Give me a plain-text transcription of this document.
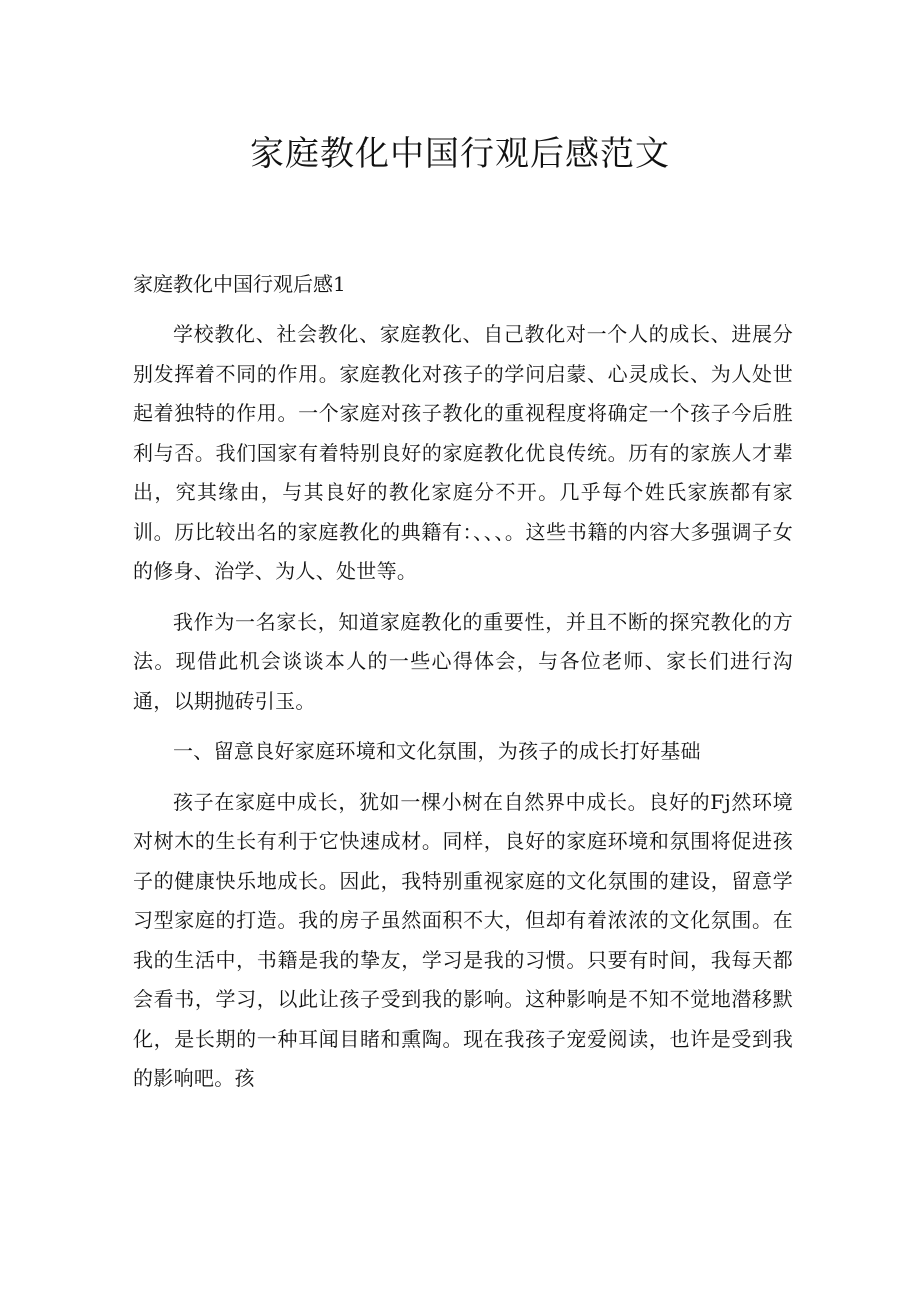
家庭教化中国行观后感范文

家庭教化中国行观后感1

学校教化、社会教化、家庭教化、自己教化对一个人的成长、进展分别发挥着不同的作用。家庭教化对孩子的学问启蒙、心灵成长、为人处世起着独特的作用。一个家庭对孩子教化的重视程度将确定一个孩子今后胜利与否。我们国家有着特别良好的家庭教化优良传统。历有的家族人才辈出，究其缘由，与其良好的教化家庭分不开。几乎每个姓氏家族都有家训。历比较出名的家庭教化的典籍有：、、、。这些书籍的内容大多强调子女的修身、治学、为人、处世等。

我作为一名家长，知道家庭教化的重要性，并且不断的探究教化的方法。现借此机会谈谈本人的一些心得体会，与各位老师、家长们进行沟通，以期抛砖引玉。

一、留意良好家庭环境和文化氛围，为孩子的成长打好基础

孩子在家庭中成长，犹如一棵小树在自然界中成长。良好的Fj然环境对树木的生长有利于它快速成材。同样，良好的家庭环境和氛围将促进孩子的健康快乐地成长。因此，我特别重视家庭的文化氛围的建设，留意学习型家庭的打造。我的房子虽然面积不大，但却有着浓浓的文化氛围。在我的生活中，书籍是我的挚友，学习是我的习惯。只要有时间，我每天都会看书，学习，以此让孩子受到我的影响。这种影响是不知不觉地潜移默化，是长期的一种耳闻目睹和熏陶。现在我孩子宠爱阅读，也许是受到我的影响吧。孩
